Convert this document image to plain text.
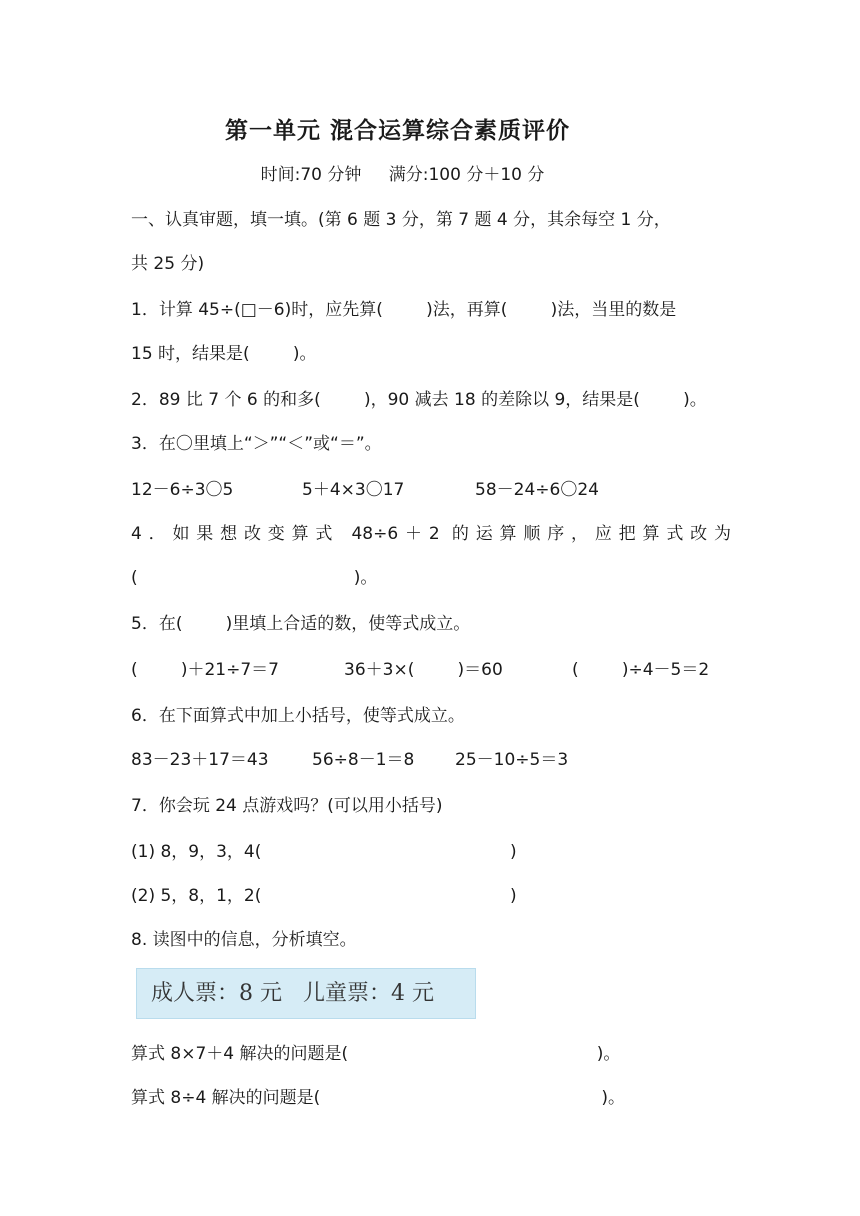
第一单元 混合运算综合素质评价
时间:70 分钟 满分:100 分＋10 分
一、认真审题，填一填。(第 6 题 3 分，第 7 题 4 分，其余每空 1 分，
共 25 分)
1．计算 45÷(□－6)时，应先算(        )法，再算(        )法，当里的数是
15 时，结果是(        )。
2．89 比 7 个 6 的和多(        )，90 减去 18 的差除以 9，结果是(        )。
3．在〇里填上“＞”“＜”或“＝”。
12－6÷3〇5	5＋4×3〇17	58－24÷6〇24
4．如果想改变算式 48÷6＋2 的运算顺序，应把算式改为
(                                        )。
5．在(        )里填上合适的数，使等式成立。
(        )＋21÷7＝7	36＋3×(        )＝60	(        )÷4－5＝2
6．在下面算式中加上小括号，使等式成立。
83－23＋17＝43	56÷8－1＝8 25－10÷5＝3
7．你会玩 24 点游戏吗？(可以用小括号)
(1) 8，9，3，4(                                              )
(2) 5，8，1，2(                                              )
8. 读图中的信息，分析填空。
成人票：8 元   儿童票：4 元
算式 8×7＋4 解决的问题是(                                              )。
算式 8÷4 解决的问题是(                                                    )。
